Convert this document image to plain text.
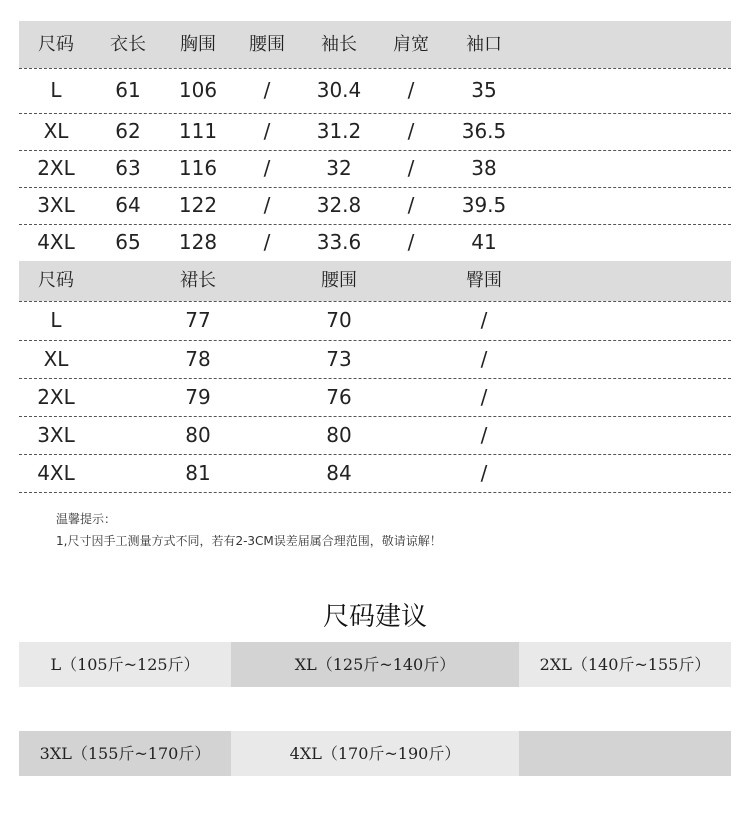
尺码 衣长 胸围 腰围 袖长 肩宽 袖口
L	61 106 / 30.4 /	35
XL 62 111 / 31.2 / 36.5
2XL 63 116 /	32	/	38
3XL 64 122 / 32.8 / 39.5
4XL 65 128 / 33.6 /	41
尺码	裙长	腰围	臀围
L	77	70	/
XL	78	73	/
2XL	79	76	/
3XL	80	80	/
4XL	81	84	/
温馨提示：
1,尺寸因手工测量方式不同，若有2-3CM误差届属合理范围，敬请谅解！
尺码建议
L（105斤~125斤）	XL（125斤~140斤）	2XL（140斤~155斤）
3XL（155斤~170斤）	4XL（170斤~190斤）
